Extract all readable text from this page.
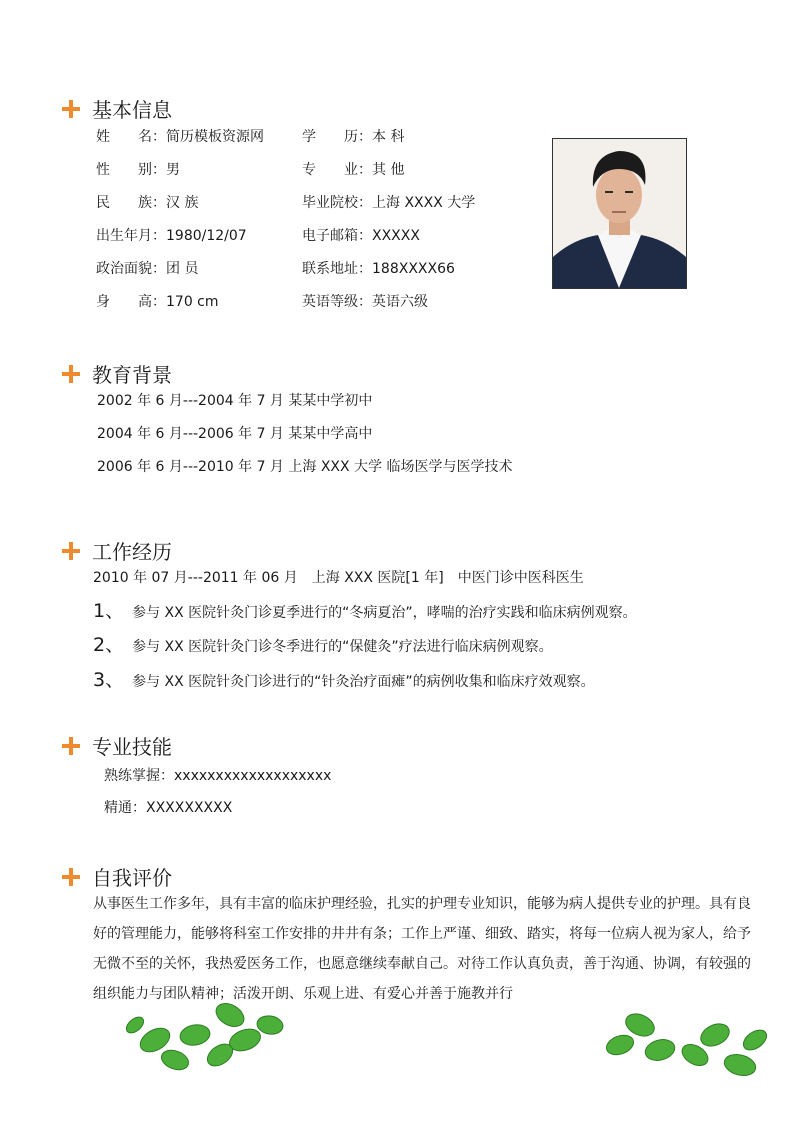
基本信息
姓　　名：简历模板资源网
性　　别：男
民　　族：汉 族
出生年月：1980/12/07
政治面貌：团 员
身　　高：170 cm
学　　历：本 科
专　　业：其 他
毕业院校：上海 XXXX 大学
电子邮箱：XXXXX
联系地址：188XXXX66
英语等级：英语六级
教育背景
2002 年 6 月---2004 年 7 月 某某中学初中
2004 年 6 月---2006 年 7 月 某某中学高中
2006 年 6 月---2010 年 7 月 上海 XXX 大学 临场医学与医学技术
工作经历
2010 年 07 月---2011 年 06 月　上海 XXX 医院[1 年]　中医门诊中医科医生
1、 参与 XX 医院针灸门诊夏季进行的“冬病夏治”，哮喘的治疗实践和临床病例观察。
2、 参与 XX 医院针灸门诊冬季进行的“保健灸”疗法进行临床病例观察。
3、 参与 XX 医院针灸门诊进行的“针灸治疗面瘫”的病例收集和临床疗效观察。
专业技能
熟练掌握：xxxxxxxxxxxxxxxxxxx
精通：XXXXXXXXX
自我评价
从事医生工作多年，具有丰富的临床护理经验，扎实的护理专业知识，能够为病人提供专业的护理。具有良好的管理能力，能够将科室工作安排的井井有条；工作上严谨、细致、踏实，将每一位病人视为家人，给予无微不至的关怀，我热爱医务工作，也愿意继续奉献自己。对待工作认真负责，善于沟通、协调，有较强的组织能力与团队精神；活泼开朗、乐观上进、有爱心并善于施教并行
